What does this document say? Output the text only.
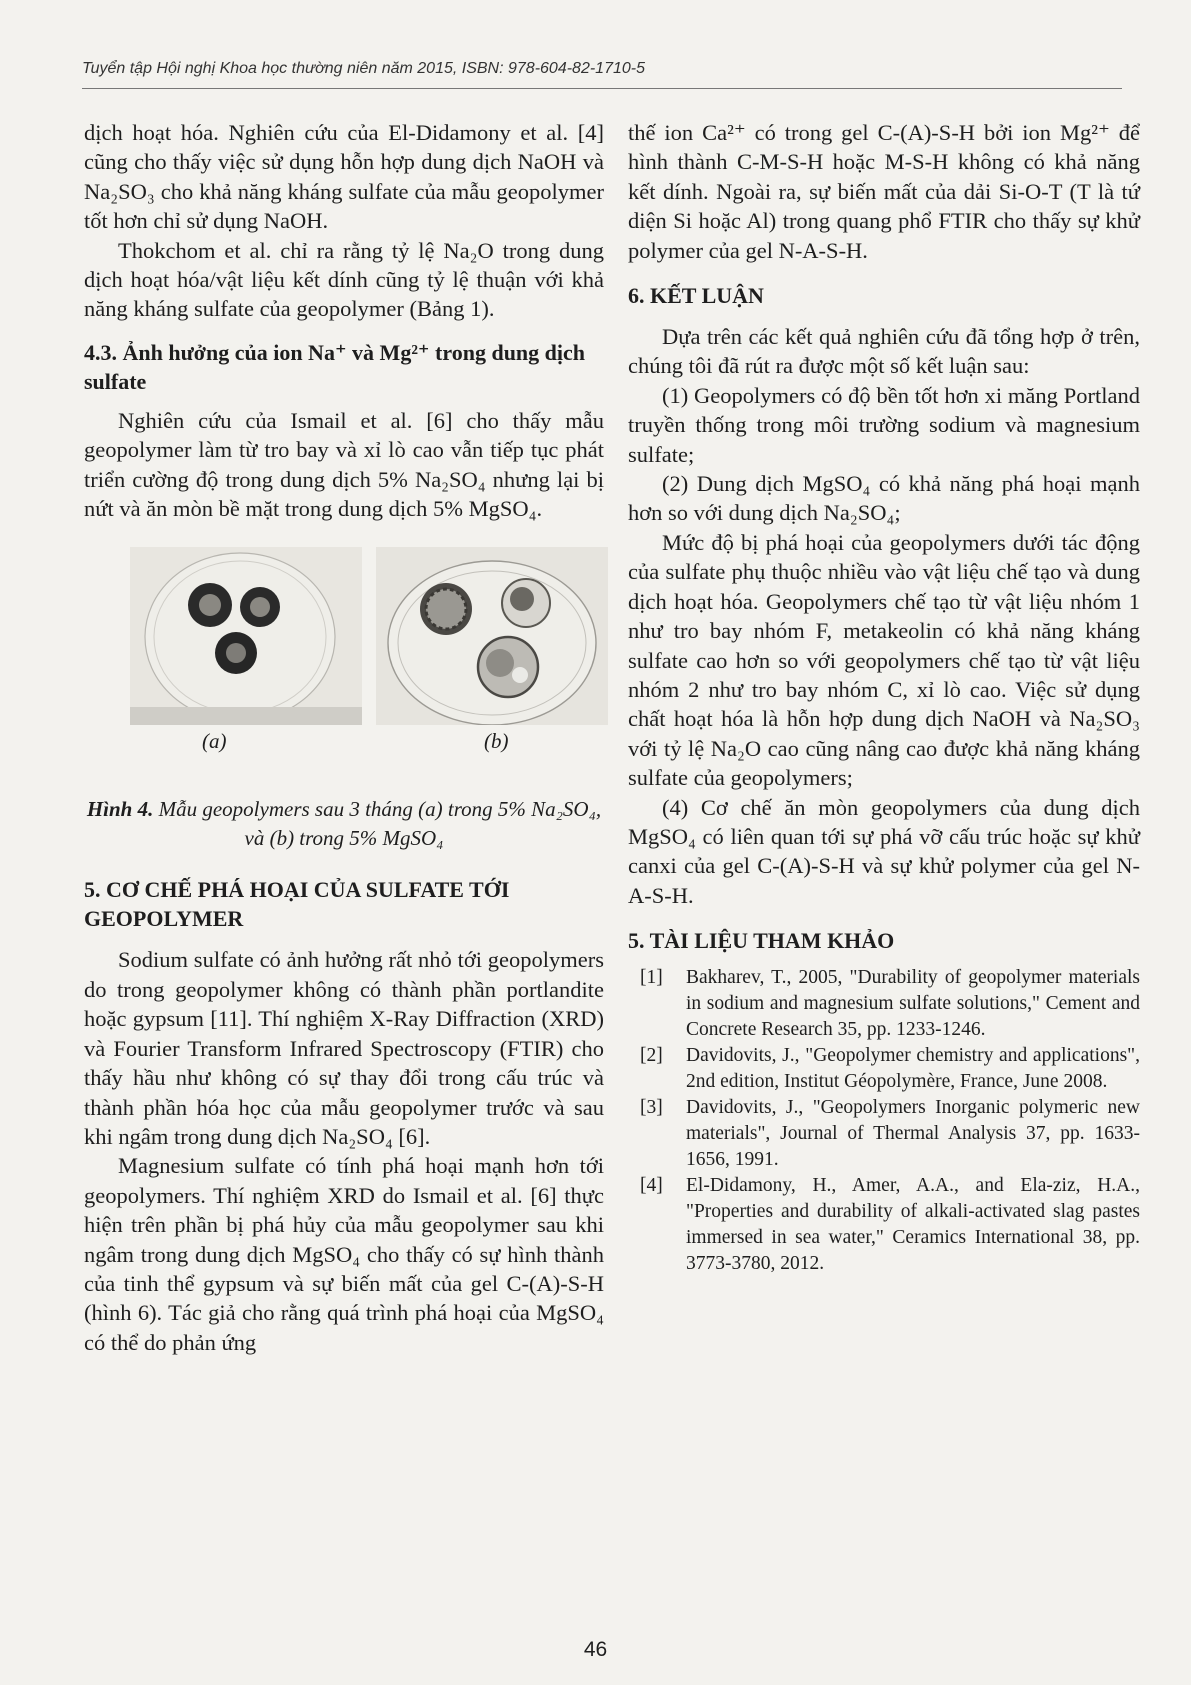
Tuyển tập Hội nghị Khoa học thường niên năm 2015, ISBN: 978-604-82-1710-5

dịch hoạt hóa. Nghiên cứu của El-Didamony et al. [4] cũng cho thấy việc sử dụng hỗn hợp dung dịch NaOH và Na₂SO₃ cho khả năng kháng sulfate của mẫu geopolymer tốt hơn chỉ sử dụng NaOH.

Thokchom et al. chỉ ra rằng tỷ lệ Na₂O trong dung dịch hoạt hóa/vật liệu kết dính cũng tỷ lệ thuận với khả năng kháng sulfate của geopolymer (Bảng 1).

4.3. Ảnh hưởng của ion Na⁺ và Mg²⁺ trong dung dịch sulfate

Nghiên cứu của Ismail et al. [6] cho thấy mẫu geopolymer làm từ tro bay và xỉ lò cao vẫn tiếp tục phát triển cường độ trong dung dịch 5% Na₂SO₄ nhưng lại bị nứt và ăn mòn bề mặt trong dung dịch 5% MgSO₄.

(a)	(b)

Hình 4. Mẫu geopolymers sau 3 tháng (a) trong 5% Na₂SO₄, và (b) trong 5% MgSO₄

5. CƠ CHẾ PHÁ HOẠI CỦA SULFATE TỚI GEOPOLYMER

Sodium sulfate có ảnh hưởng rất nhỏ tới geopolymers do trong geopolymer không có thành phần portlandite hoặc gypsum [11]. Thí nghiệm X-Ray Diffraction (XRD) và Fourier Transform Infrared Spectroscopy (FTIR) cho thấy hầu như không có sự thay đổi trong cấu trúc và thành phần hóa học của mẫu geopolymer trước và sau khi ngâm trong dung dịch Na₂SO₄ [6].

Magnesium sulfate có tính phá hoại mạnh hơn tới geopolymers. Thí nghiệm XRD do Ismail et al. [6] thực hiện trên phần bị phá hủy của mẫu geopolymer sau khi ngâm trong dung dịch MgSO₄ cho thấy có sự hình thành của tinh thể gypsum và sự biến mất của gel C-(A)-S-H (hình 6). Tác giả cho rằng quá trình phá hoại của MgSO₄ có thể do phản ứng

thế ion Ca²⁺ có trong gel C-(A)-S-H bởi ion Mg²⁺ để hình thành C-M-S-H hoặc M-S-H không có khả năng kết dính. Ngoài ra, sự biến mất của dải Si-O-T (T là tứ diện Si hoặc Al) trong quang phổ FTIR cho thấy sự khử polymer của gel N-A-S-H.

6. KẾT LUẬN

Dựa trên các kết quả nghiên cứu đã tổng hợp ở trên, chúng tôi đã rút ra được một số kết luận sau:

(1) Geopolymers có độ bền tốt hơn xi măng Portland truyền thống trong môi trường sodium và magnesium sulfate;

(2) Dung dịch MgSO₄ có khả năng phá hoại mạnh hơn so với dung dịch Na₂SO₄;

Mức độ bị phá hoại của geopolymers dưới tác động của sulfate phụ thuộc nhiều vào vật liệu chế tạo và dung dịch hoạt hóa. Geopolymers chế tạo từ vật liệu nhóm 1 như tro bay nhóm F, metakeolin có khả năng kháng sulfate cao hơn so với geopolymers chế tạo từ vật liệu nhóm 2 như tro bay nhóm C, xỉ lò cao. Việc sử dụng chất hoạt hóa là hỗn hợp dung dịch NaOH và Na₂SO₃ với tỷ lệ Na₂O cao cũng nâng cao được khả năng kháng sulfate của geopolymers;

(4) Cơ chế ăn mòn geopolymers của dung dịch MgSO₄ có liên quan tới sự phá vỡ cấu trúc hoặc sự khử canxi của gel C-(A)-S-H và sự khử polymer của gel N-A-S-H.

5. TÀI LIỆU THAM KHẢO
[1] Bakharev, T., 2005, "Durability of geopolymer materials in sodium and magnesium sulfate solutions," Cement and Concrete Research 35, pp. 1233-1246.
[2] Davidovits, J., "Geopolymer chemistry and applications", 2nd edition, Institut Géopolymère, France, June 2008.
[3] Davidovits, J., "Geopolymers Inorganic polymeric new materials", Journal of Thermal Analysis 37, pp. 1633-1656, 1991.
[4] El-Didamony, H., Amer, A.A., and Ela-ziz, H.A., "Properties and durability of alkali-activated slag pastes immersed in sea water," Ceramics International 38, pp. 3773-3780, 2012.
46
